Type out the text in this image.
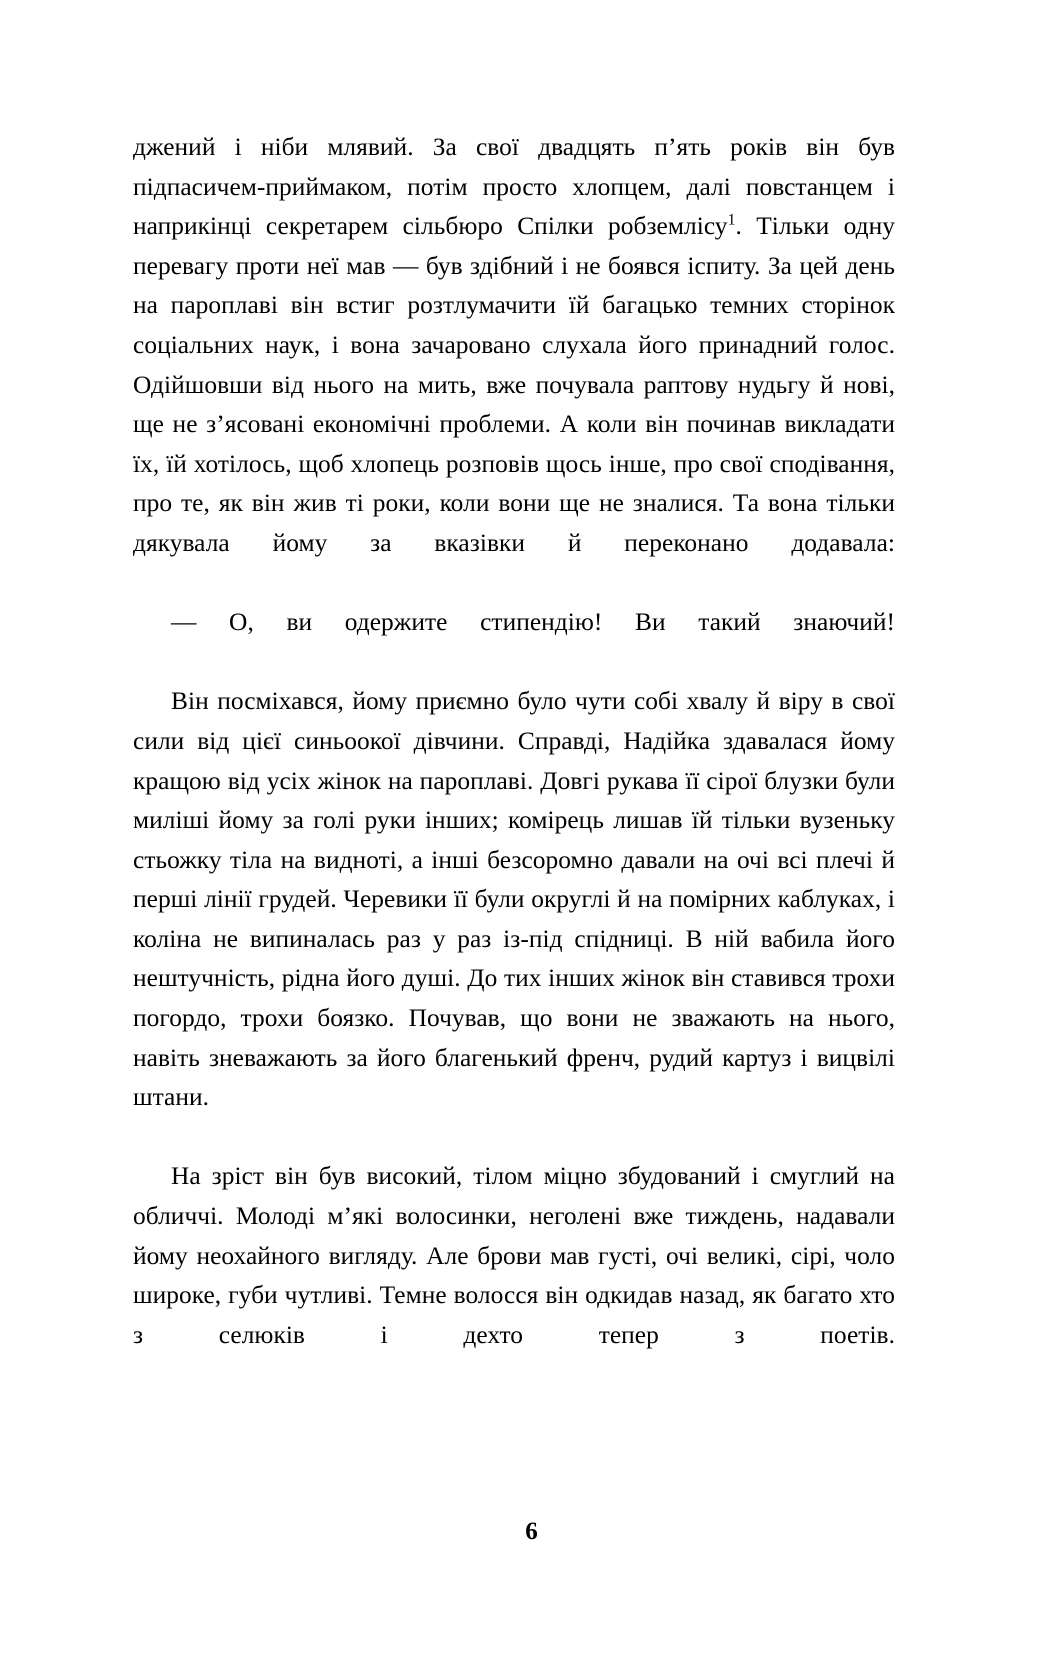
джений і ніби млявий. За свої двадцять п’ять років він був підпасичем-приймаком, потім просто хлопцем, далі повстанцем і наприкінці секретарем сільбюро Спілки робземлісу$^1$. Тільки одну перевагу проти неї мав — був здібний і не боявся іспиту. За цей день на пароплаві він встиг розтлумачити їй багацько темних сторінок соціальних наук, і вона зачаровано слухала його принадний голос. Одійшовши від нього на мить, вже почувала раптову нудьгу й нові, ще не з’ясовані економічні проблеми. А коли він починав викладати їх, їй хотілось, щоб хлопець розповів щось інше, про свої сподівання, про те, як він жив ті роки, коли вони ще не зналися. Та вона тільки дякувала йому за вказівки й переконано додавала:

— О, ви одержите стипендію! Ви такий знаючий!

Він посміхався, йому приємно було чути собі хвалу й віру в свої сили від цієї синьоокої дівчини. Справді, Надійка здавалася йому кращою від усіх жінок на пароплаві. Довгі рукава її сірої блузки були миліші йому за голі руки інших; комірець лишав їй тільки вузеньку стьожку тіла на видноті, а інші безсоромно давали на очі всі плечі й перші лінії грудей. Черевики її були округлі й на помірних каблуках, і коліна не випиналась раз у раз із-під спідниці. В ній вабила його нештучність, рідна його душі. До тих інших жінок він ставився трохи погордо, трохи боязко. Почував, що вони не зважають на нього, навіть зневажають за його благенький френч, рудий картуз і вицвілі штани.

На зріст він був високий, тілом міцно збудований і смуглий на обличчі. Молоді м’які волосинки, неголені вже тиждень, надавали йому неохайного вигляду. Але брови мав густі, очі великі, сірі, чоло широке, губи чутливі. Темне волосся він одкидав назад, як багато хто з селюків і дехто тепер з поетів.

6
